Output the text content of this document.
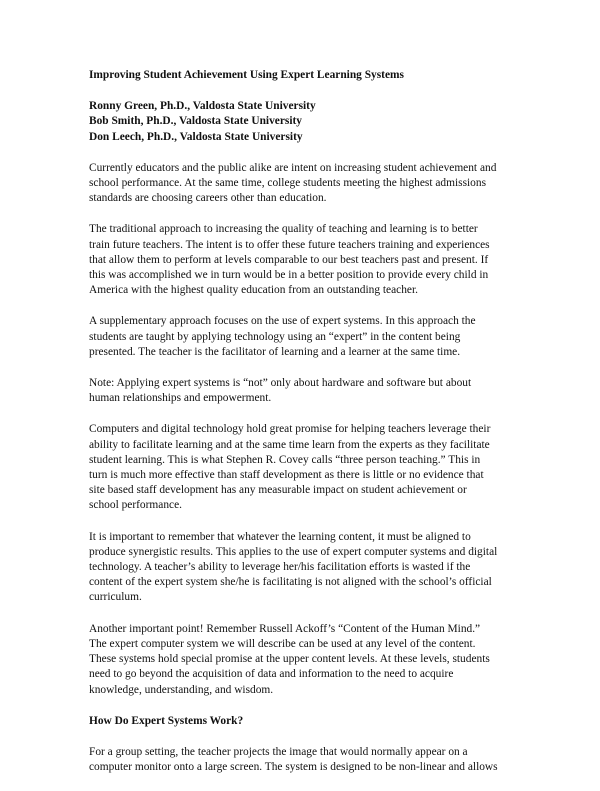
Improving Student Achievement Using Expert Learning Systems
Ronny Green, Ph.D., Valdosta State University
Bob Smith, Ph.D., Valdosta State University
Don Leech, Ph.D., Valdosta State University
Currently educators and the public alike are intent on increasing student achievement and
school performance. At the same time, college students meeting the highest admissions
standards are choosing careers other than education.
The traditional approach to increasing the quality of teaching and learning is to better
train future teachers. The intent is to offer these future teachers training and experiences
that allow them to perform at levels comparable to our best teachers past and present. If
this was accomplished we in turn would be in a better position to provide every child in
America with the highest quality education from an outstanding teacher.
A supplementary approach focuses on the use of expert systems. In this approach the
students are taught by applying technology using an “expert” in the content being
presented. The teacher is the facilitator of learning and a learner at the same time.
Note: Applying expert systems is “not” only about hardware and software but about
human relationships and empowerment.
Computers and digital technology hold great promise for helping teachers leverage their
ability to facilitate learning and at the same time learn from the experts as they facilitate
student learning. This is what Stephen R. Covey calls “three person teaching.” This in
turn is much more effective than staff development as there is little or no evidence that
site based staff development has any measurable impact on student achievement or
school performance.
It is important to remember that whatever the learning content, it must be aligned to
produce synergistic results. This applies to the use of expert computer systems and digital
technology. A teacher’s ability to leverage her/his facilitation efforts is wasted if the
content of the expert system she/he is facilitating is not aligned with the school’s official
curriculum.
Another important point! Remember Russell Ackoff’s “Content of the Human Mind.”
The expert computer system we will describe can be used at any level of the content.
These systems hold special promise at the upper content levels. At these levels, students
need to go beyond the acquisition of data and information to the need to acquire
knowledge, understanding, and wisdom.
How Do Expert Systems Work?
For a group setting, the teacher projects the image that would normally appear on a
computer monitor onto a large screen. The system is designed to be non-linear and allows
